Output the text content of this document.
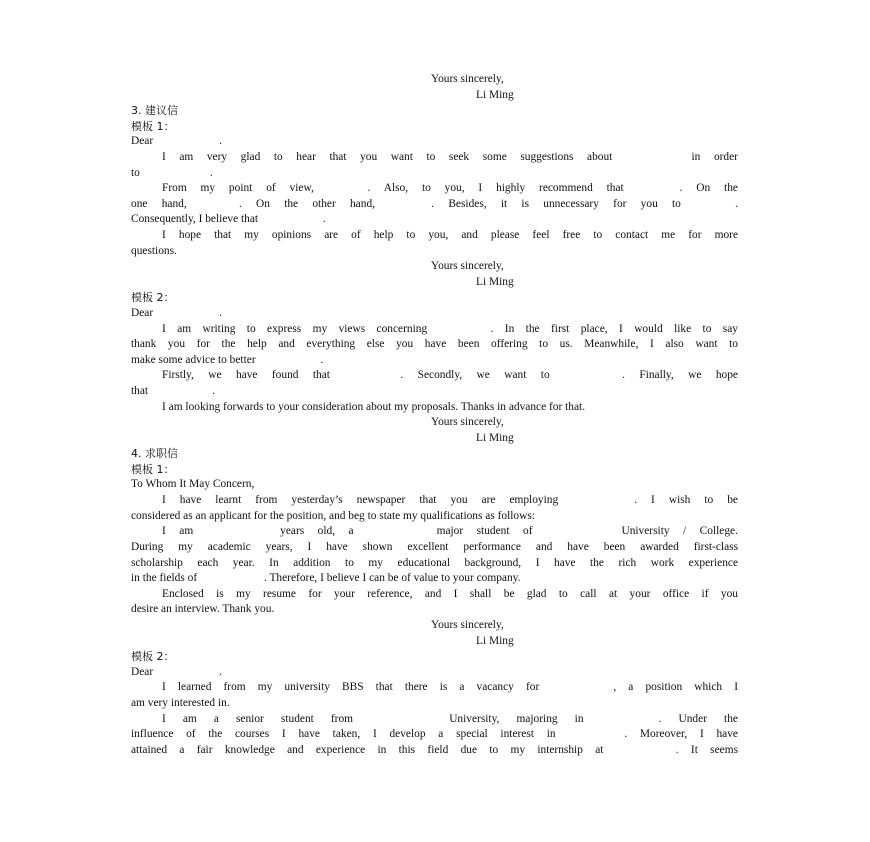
Yours sincerely,
Li Ming
3. 建议信
模板 1：
Dear	.
I am very glad to hear that you want to seek some suggestions about	in order
to	.
From my point of view,	. Also, to you, I highly recommend that	. On the
one hand,	. On the other hand,	. Besides, it is unnecessary for you to	.
Consequently, I believe that	.
I hope that my opinions are of help to you, and please feel free to contact me for more
questions.
Yours sincerely,
Li Ming
模板 2：
Dear	.
I am writing to express my views concerning	. In the first place, I would like to say
thank you for the help and everything else you have been offering to us. Meanwhile, I also want to
make some advice to better	.
Firstly, we have found that	. Secondly, we want to	. Finally, we hope
that	.
I am looking forwards to your consideration about my proposals. Thanks in advance for that.
Yours sincerely,
Li Ming
4. 求职信
模板 1：
To Whom It May Concern,
I have learnt from yesterday’s newspaper that you are employing	. I wish to be
considered as an applicant for the position, and beg to state my qualifications as follows:
I am	years old, a	major student of	University / College.
During my academic years, I have shown excellent performance and have been awarded first-class
scholarship each year. In addition to my educational background, I have the rich work experience
in the fields of	. Therefore, I believe I can be of value to your company.
Enclosed is my resume for your reference, and I shall be glad to call at your office if you
desire an interview. Thank you.
Yours sincerely,
Li Ming
模板 2：
Dear	.
I learned from my university BBS that there is a vacancy for	, a position which I
am very interested in.
I am a senior student from	University, majoring in	. Under the
influence of the courses I have taken, I develop a special interest in	. Moreover, I have
attained a fair knowledge and experience in this field due to my internship at	. It seems
